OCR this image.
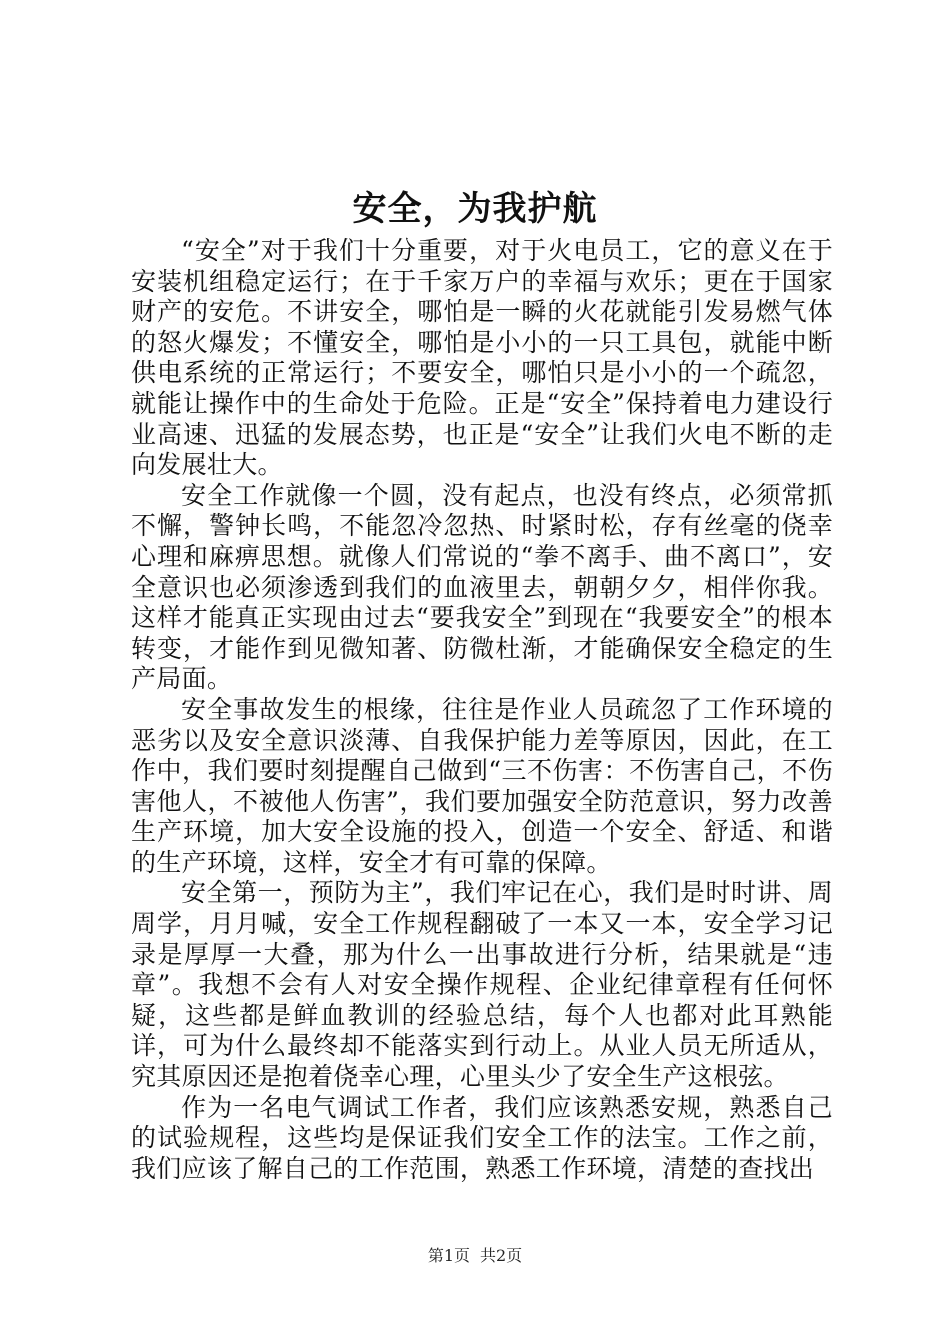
安全，为我护航

“安全”对于我们十分重要，对于火电员工，它的意义在于安装机组稳定运行；在于千家万户的幸福与欢乐；更在于国家财产的安危。不讲安全，哪怕是一瞬的火花就能引发易燃气体的怒火爆发；不懂安全，哪怕是小小的一只工具包，就能中断供电系统的正常运行；不要安全，哪怕只是小小的一个疏忽，就能让操作中的生命处于危险。正是“安全”保持着电力建设行业高速、迅猛的发展态势，也正是“安全”让我们火电不断的走向发展壮大。

安全工作就像一个圆，没有起点，也没有终点，必须常抓不懈，警钟长鸣，不能忽冷忽热、时紧时松，存有丝毫的侥幸心理和麻痹思想。就像人们常说的“拳不离手、曲不离口”，安全意识也必须渗透到我们的血液里去，朝朝夕夕，相伴你我。这样才能真正实现由过去“要我安全”到现在“我要安全”的根本转变，才能作到见微知著、防微杜渐，才能确保安全稳定的生产局面。

安全事故发生的根缘，往往是作业人员疏忽了工作环境的恶劣以及安全意识淡薄、自我保护能力差等原因，因此，在工作中，我们要时刻提醒自己做到“三不伤害：不伤害自己，不伤害他人，不被他人伤害”，我们要加强安全防范意识，努力改善生产环境，加大安全设施的投入，创造一个安全、舒适、和谐的生产环境，这样，安全才有可靠的保障。

安全第一，预防为主”，我们牢记在心，我们是时时讲、周周学，月月喊，安全工作规程翻破了一本又一本，安全学习记录是厚厚一大叠，那为什么一出事故进行分析，结果就是“违章”。我想不会有人对安全操作规程、企业纪律章程有任何怀疑，这些都是鲜血教训的经验总结，每个人也都对此耳熟能详，可为什么最终却不能落实到行动上。从业人员无所适从，究其原因还是抱着侥幸心理，心里头少了安全生产这根弦。

作为一名电气调试工作者，我们应该熟悉安规，熟悉自己的试验规程，这些均是保证我们安全工作的法宝。工作之前，我们应该了解自己的工作范围，熟悉工作环境，清楚的查找出

第1页 共2页
